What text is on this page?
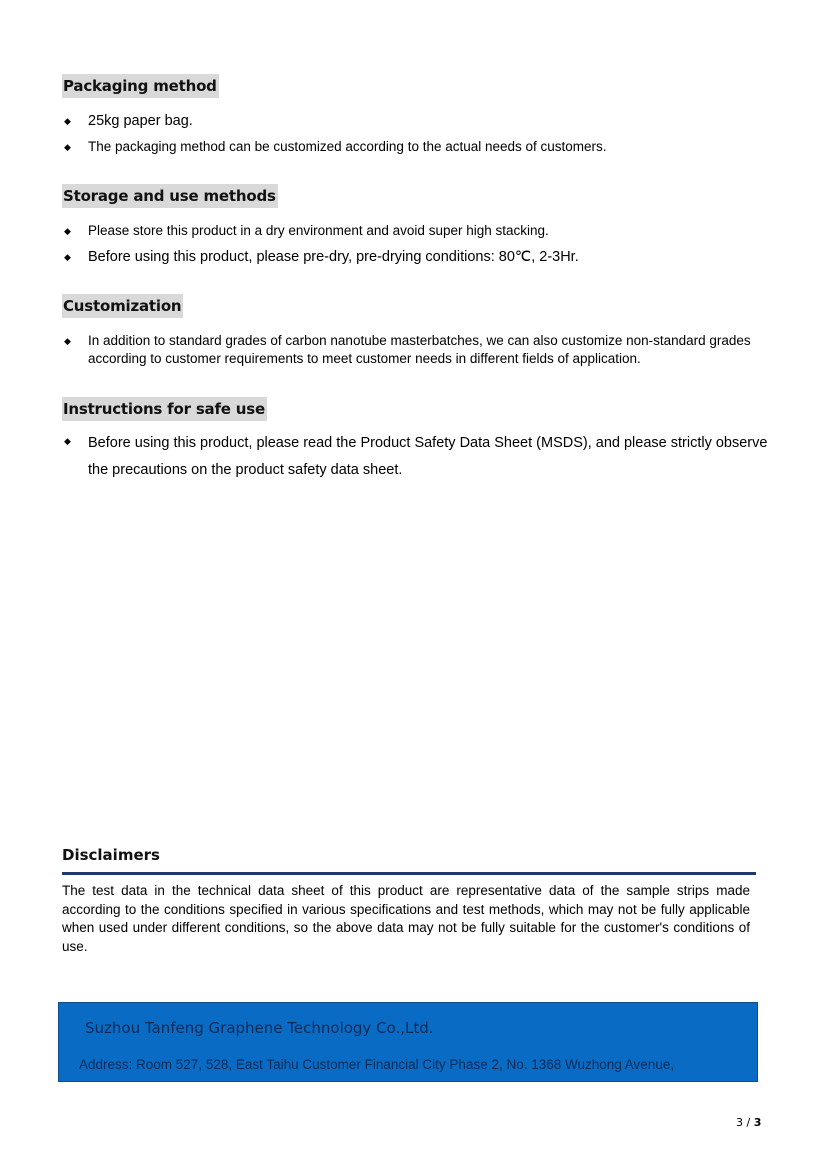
Packaging method
◆ 25kg paper bag.
◆ The packaging method can be customized according to the actual needs of customers.
Storage and use methods
◆ Please store this product in a dry environment and avoid super high stacking.
◆ Before using this product, please pre-dry, pre-drying conditions: 80℃, 2-3Hr.
Customization
◆ In addition to standard grades of carbon nanotube masterbatches, we can also customize non-standard grades according to customer requirements to meet customer needs in different fields of application.
Instructions for safe use
◆ Before using this product, please read the Product Safety Data Sheet (MSDS), and please strictly observe the precautions on the product safety data sheet.
Disclaimers
The test data in the technical data sheet of this product are representative data of the sample strips made according to the conditions specified in various specifications and test methods, which may not be fully applicable when used under different conditions, so the above data may not be fully suitable for the customer's conditions of use.
Suzhou Tanfeng Graphene Technology Co.,Ltd.
Address: Room 527, 528, East Taihu Customer Financial City Phase 2, No. 1368 Wuzhong Avenue,
3 / 3
